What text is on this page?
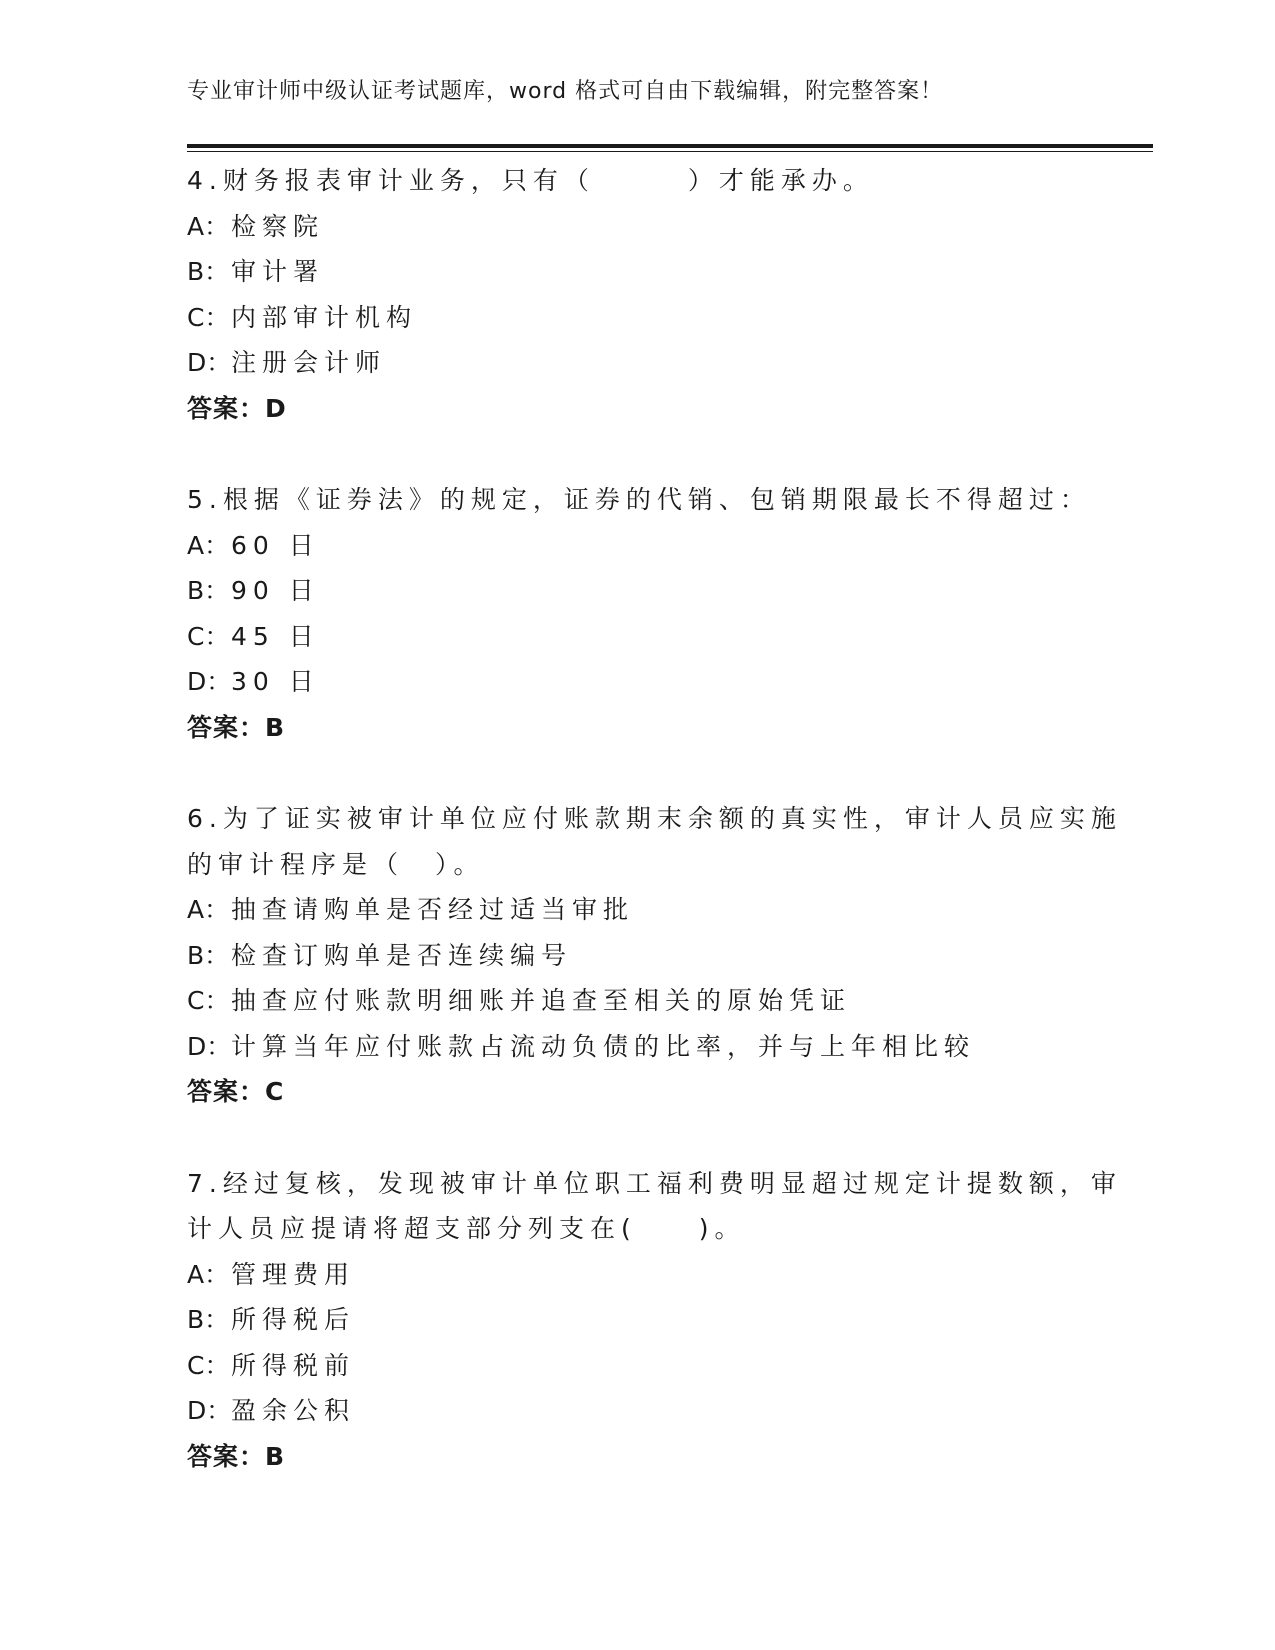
专业审计师中级认证考试题库，word 格式可自由下载编辑，附完整答案！
4.财务报表审计业务，只有（　　　）才能承办。
A：检察院
B：审计署
C：内部审计机构
D：注册会计师
答案：D
5.根据《证券法》的规定，证券的代销、包销期限最长不得超过：
A：60 日
B：90 日
C：45 日
D：30 日
答案：B
6.为了证实被审计单位应付账款期末余额的真实性，审计人员应实施
的审计程序是（　）。
A：抽查请购单是否经过适当审批
B：检查订购单是否连续编号
C：抽查应付账款明细账并追查至相关的原始凭证
D：计算当年应付账款占流动负债的比率，并与上年相比较
答案：C
7.经过复核，发现被审计单位职工福利费明显超过规定计提数额，审
计人员应提请将超支部分列支在(　　)。
A：管理费用
B：所得税后
C：所得税前
D：盈余公积
答案：B
